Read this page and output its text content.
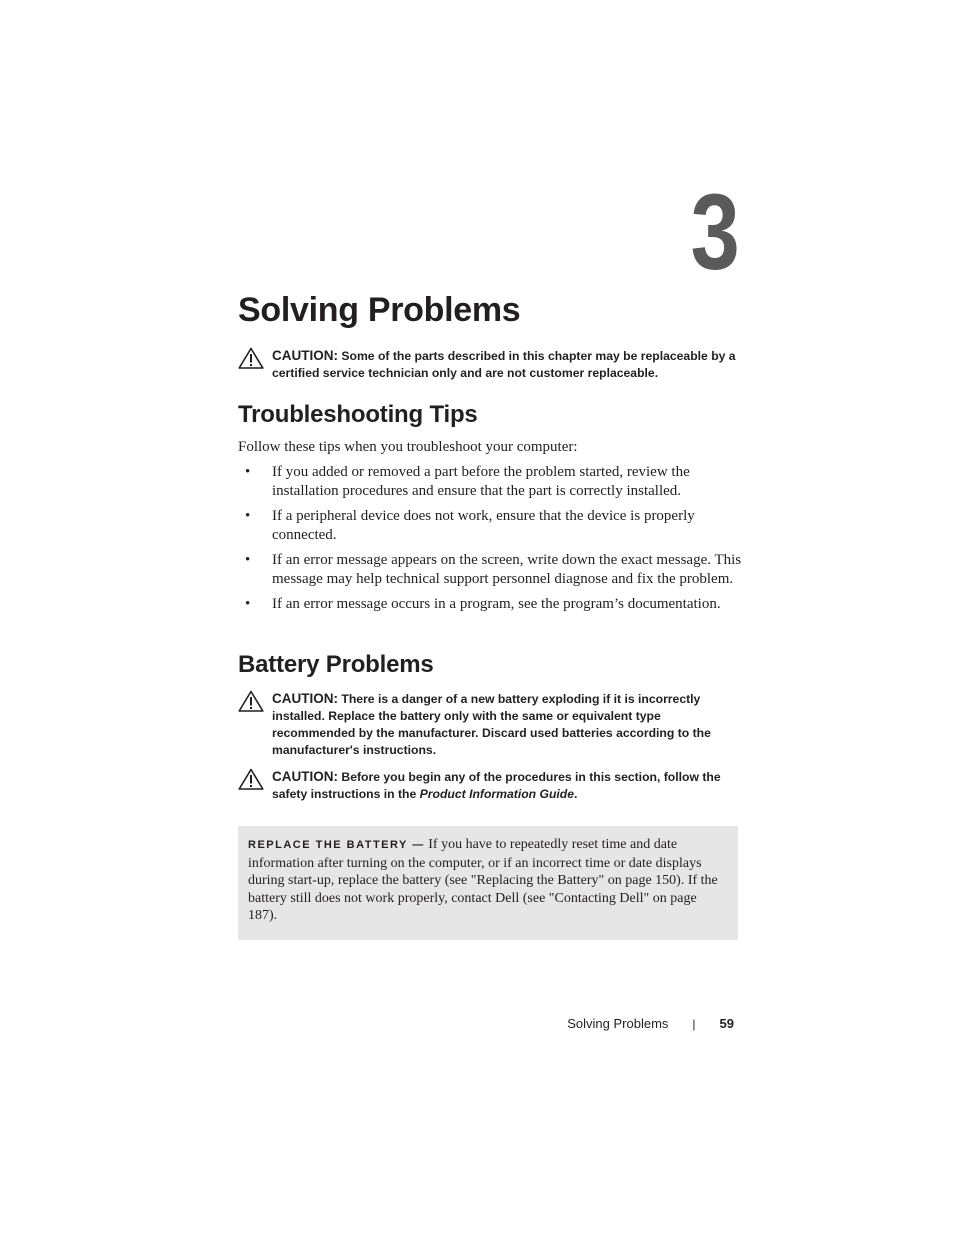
3
Solving Problems
CAUTION: Some of the parts described in this chapter may be replaceable by a certified service technician only and are not customer replaceable.
Troubleshooting Tips
Follow these tips when you troubleshoot your computer:
• If you added or removed a part before the problem started, review the installation procedures and ensure that the part is correctly installed.
• If a peripheral device does not work, ensure that the device is properly connected.
• If an error message appears on the screen, write down the exact message. This message may help technical support personnel diagnose and fix the problem.
• If an error message occurs in a program, see the program’s documentation.
Battery Problems
CAUTION: There is a danger of a new battery exploding if it is incorrectly installed. Replace the battery only with the same or equivalent type recommended by the manufacturer. Discard used batteries according to the manufacturer's instructions.
CAUTION: Before you begin any of the procedures in this section, follow the safety instructions in the Product Information Guide.
REPLACE THE BATTERY — If you have to repeatedly reset time and date information after turning on the computer, or if an incorrect time or date displays during start-up, replace the battery (see "Replacing the Battery" on page 150). If the battery still does not work properly, contact Dell (see "Contacting Dell" on page 187).
Solving Problems | 59
